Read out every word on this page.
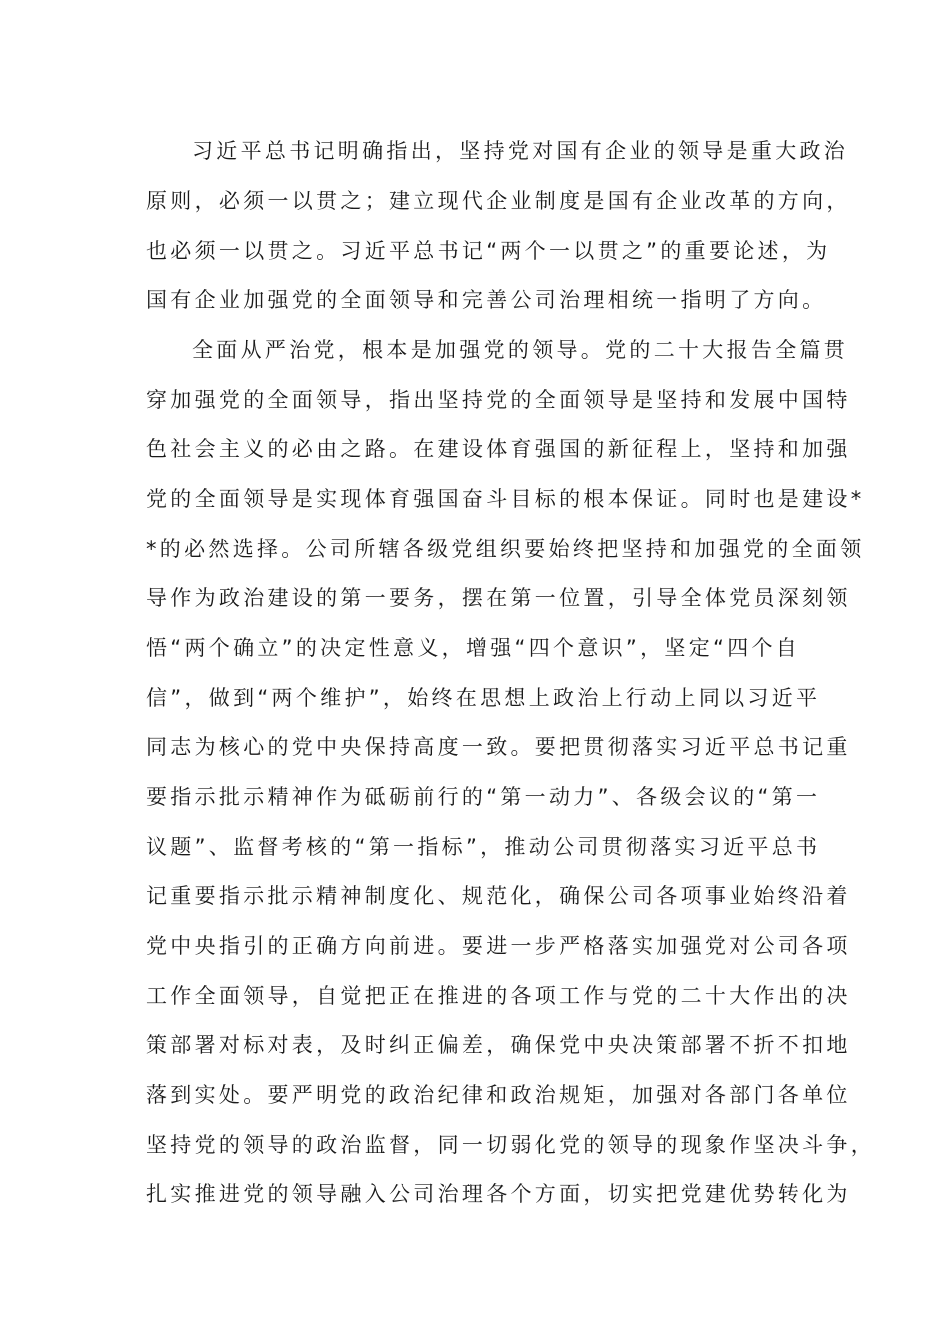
习近平总书记明确指出，坚持党对国有企业的领导是重大政治

原则，必须一以贯之；建立现代企业制度是国有企业改革的方向，

也必须一以贯之。习近平总书记“两个一以贯之”的重要论述，为

国有企业加强党的全面领导和完善公司治理相统一指明了方向。

全面从严治党，根本是加强党的领导。党的二十大报告全篇贯

穿加强党的全面领导，指出坚持党的全面领导是坚持和发展中国特

色社会主义的必由之路。在建设体育强国的新征程上，坚持和加强

党的全面领导是实现体育强国奋斗目标的根本保证。同时也是建设*

*的必然选择。公司所辖各级党组织要始终把坚持和加强党的全面领

导作为政治建设的第一要务，摆在第一位置，引导全体党员深刻领

悟“两个确立”的决定性意义，增强“四个意识”，坚定“四个自

信”，做到“两个维护”，始终在思想上政治上行动上同以习近平

同志为核心的党中央保持高度一致。要把贯彻落实习近平总书记重

要指示批示精神作为砥砺前行的“第一动力”、各级会议的“第一

议题”、监督考核的“第一指标”，推动公司贯彻落实习近平总书

记重要指示批示精神制度化、规范化，确保公司各项事业始终沿着

党中央指引的正确方向前进。要进一步严格落实加强党对公司各项

工作全面领导，自觉把正在推进的各项工作与党的二十大作出的决

策部署对标对表，及时纠正偏差，确保党中央决策部署不折不扣地

落到实处。要严明党的政治纪律和政治规矩，加强对各部门各单位

坚持党的领导的政治监督，同一切弱化党的领导的现象作坚决斗争，

扎实推进党的领导融入公司治理各个方面，切实把党建优势转化为
